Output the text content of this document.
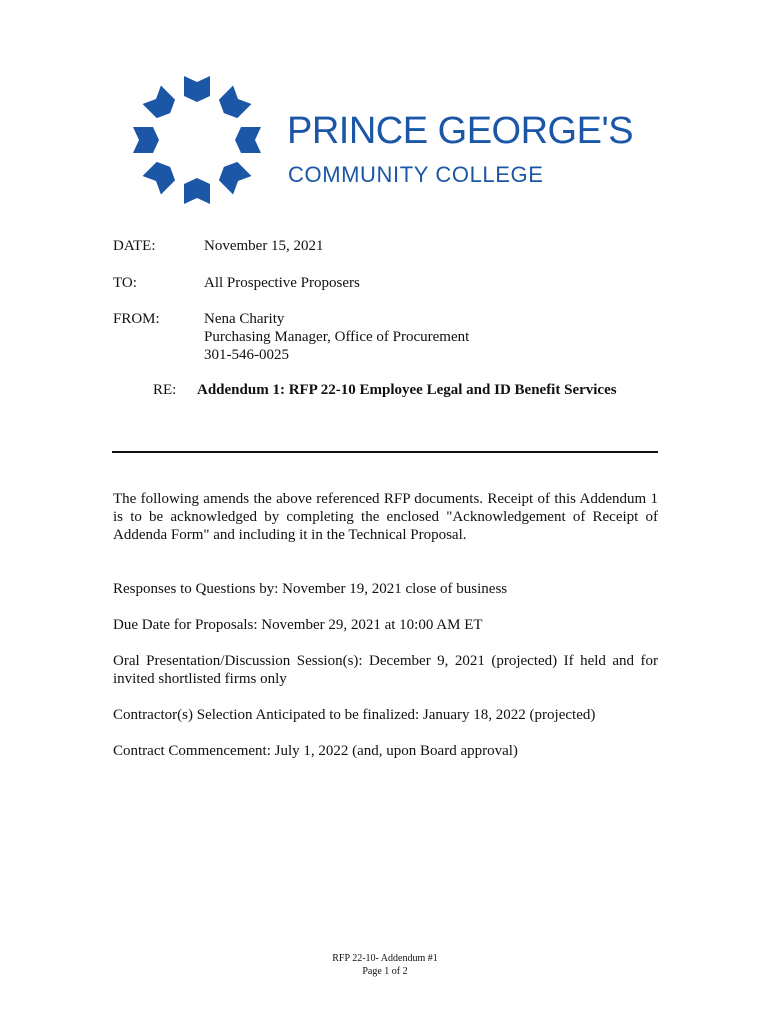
PRINCE GEORGE'S
COMMUNITY COLLEGE
DATE:	November 15, 2021
TO:	All Prospective Proposers
FROM:	Nena Charity
Purchasing Manager, Office of Procurement
301-546-0025
RE: Addendum 1: RFP 22-10 Employee Legal and ID Benefit Services
The following amends the above referenced RFP documents. Receipt of this Addendum 1 is to be acknowledged by completing the enclosed "Acknowledgement of Receipt of Addenda Form" and including it in the Technical Proposal.
Responses to Questions by: November 19, 2021 close of business
Due Date for Proposals: November 29, 2021 at 10:00 AM ET
Oral Presentation/Discussion Session(s): December 9, 2021 (projected) If held and for invited shortlisted firms only
Contractor(s) Selection Anticipated to be finalized: January 18, 2022 (projected)
Contract Commencement: July 1, 2022 (and, upon Board approval)
RFP 22-10- Addendum #1
Page 1 of 2
